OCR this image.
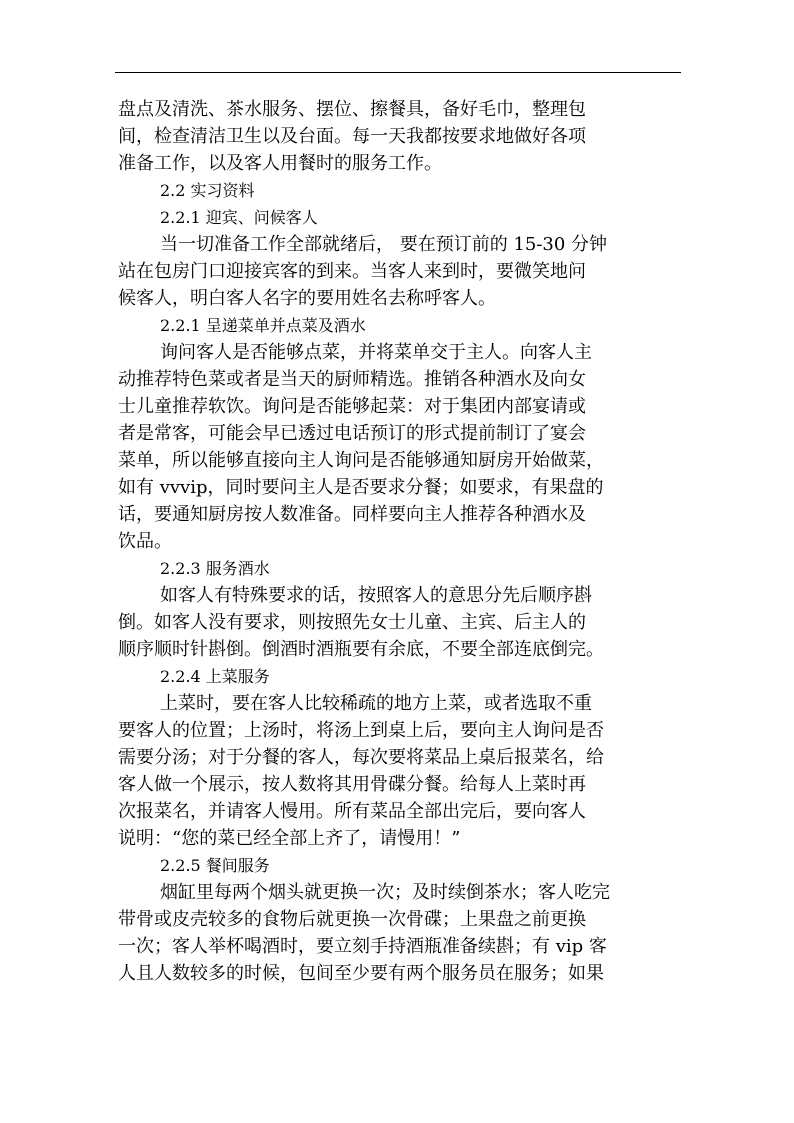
盘点及清洗、茶水服务、摆位、擦餐具，备好毛巾，整理包
间，检查清洁卫生以及台面。每一天我都按要求地做好各项
准备工作，以及客人用餐时的服务工作。
2.2 实习资料
2.2.1 迎宾、问候客人
当一切准备工作全部就绪后， 要在预订前的 15-30 分钟
站在包房门口迎接宾客的到来。当客人来到时，要微笑地问
候客人，明白客人名字的要用姓名去称呼客人。
2.2.1 呈递菜单并点菜及酒水
询问客人是否能够点菜，并将菜单交于主人。向客人主
动推荐特色菜或者是当天的厨师精选。推销各种酒水及向女
士儿童推荐软饮。询问是否能够起菜：对于集团内部宴请或
者是常客，可能会早已透过电话预订的形式提前制订了宴会
菜单，所以能够直接向主人询问是否能够通知厨房开始做菜，
如有 vvvip，同时要问主人是否要求分餐；如要求，有果盘的
话，要通知厨房按人数准备。同样要向主人推荐各种酒水及
饮品。
2.2.3 服务酒水
如客人有特殊要求的话，按照客人的意思分先后顺序斟
倒。如客人没有要求，则按照先女士儿童、主宾、后主人的
顺序顺时针斟倒。倒酒时酒瓶要有余底，不要全部连底倒完。
2.2.4 上菜服务
上菜时，要在客人比较稀疏的地方上菜，或者选取不重
要客人的位置；上汤时，将汤上到桌上后，要向主人询问是否
需要分汤；对于分餐的客人，每次要将菜品上桌后报菜名，给
客人做一个展示，按人数将其用骨碟分餐。给每人上菜时再
次报菜名，并请客人慢用。所有菜品全部出完后，要向客人
说明：“您的菜已经全部上齐了，请慢用！”
2.2.5 餐间服务
烟缸里每两个烟头就更换一次；及时续倒茶水；客人吃完
带骨或皮壳较多的食物后就更换一次骨碟；上果盘之前更换
一次；客人举杯喝酒时，要立刻手持酒瓶准备续斟；有 vip 客
人且人数较多的时候，包间至少要有两个服务员在服务；如果
